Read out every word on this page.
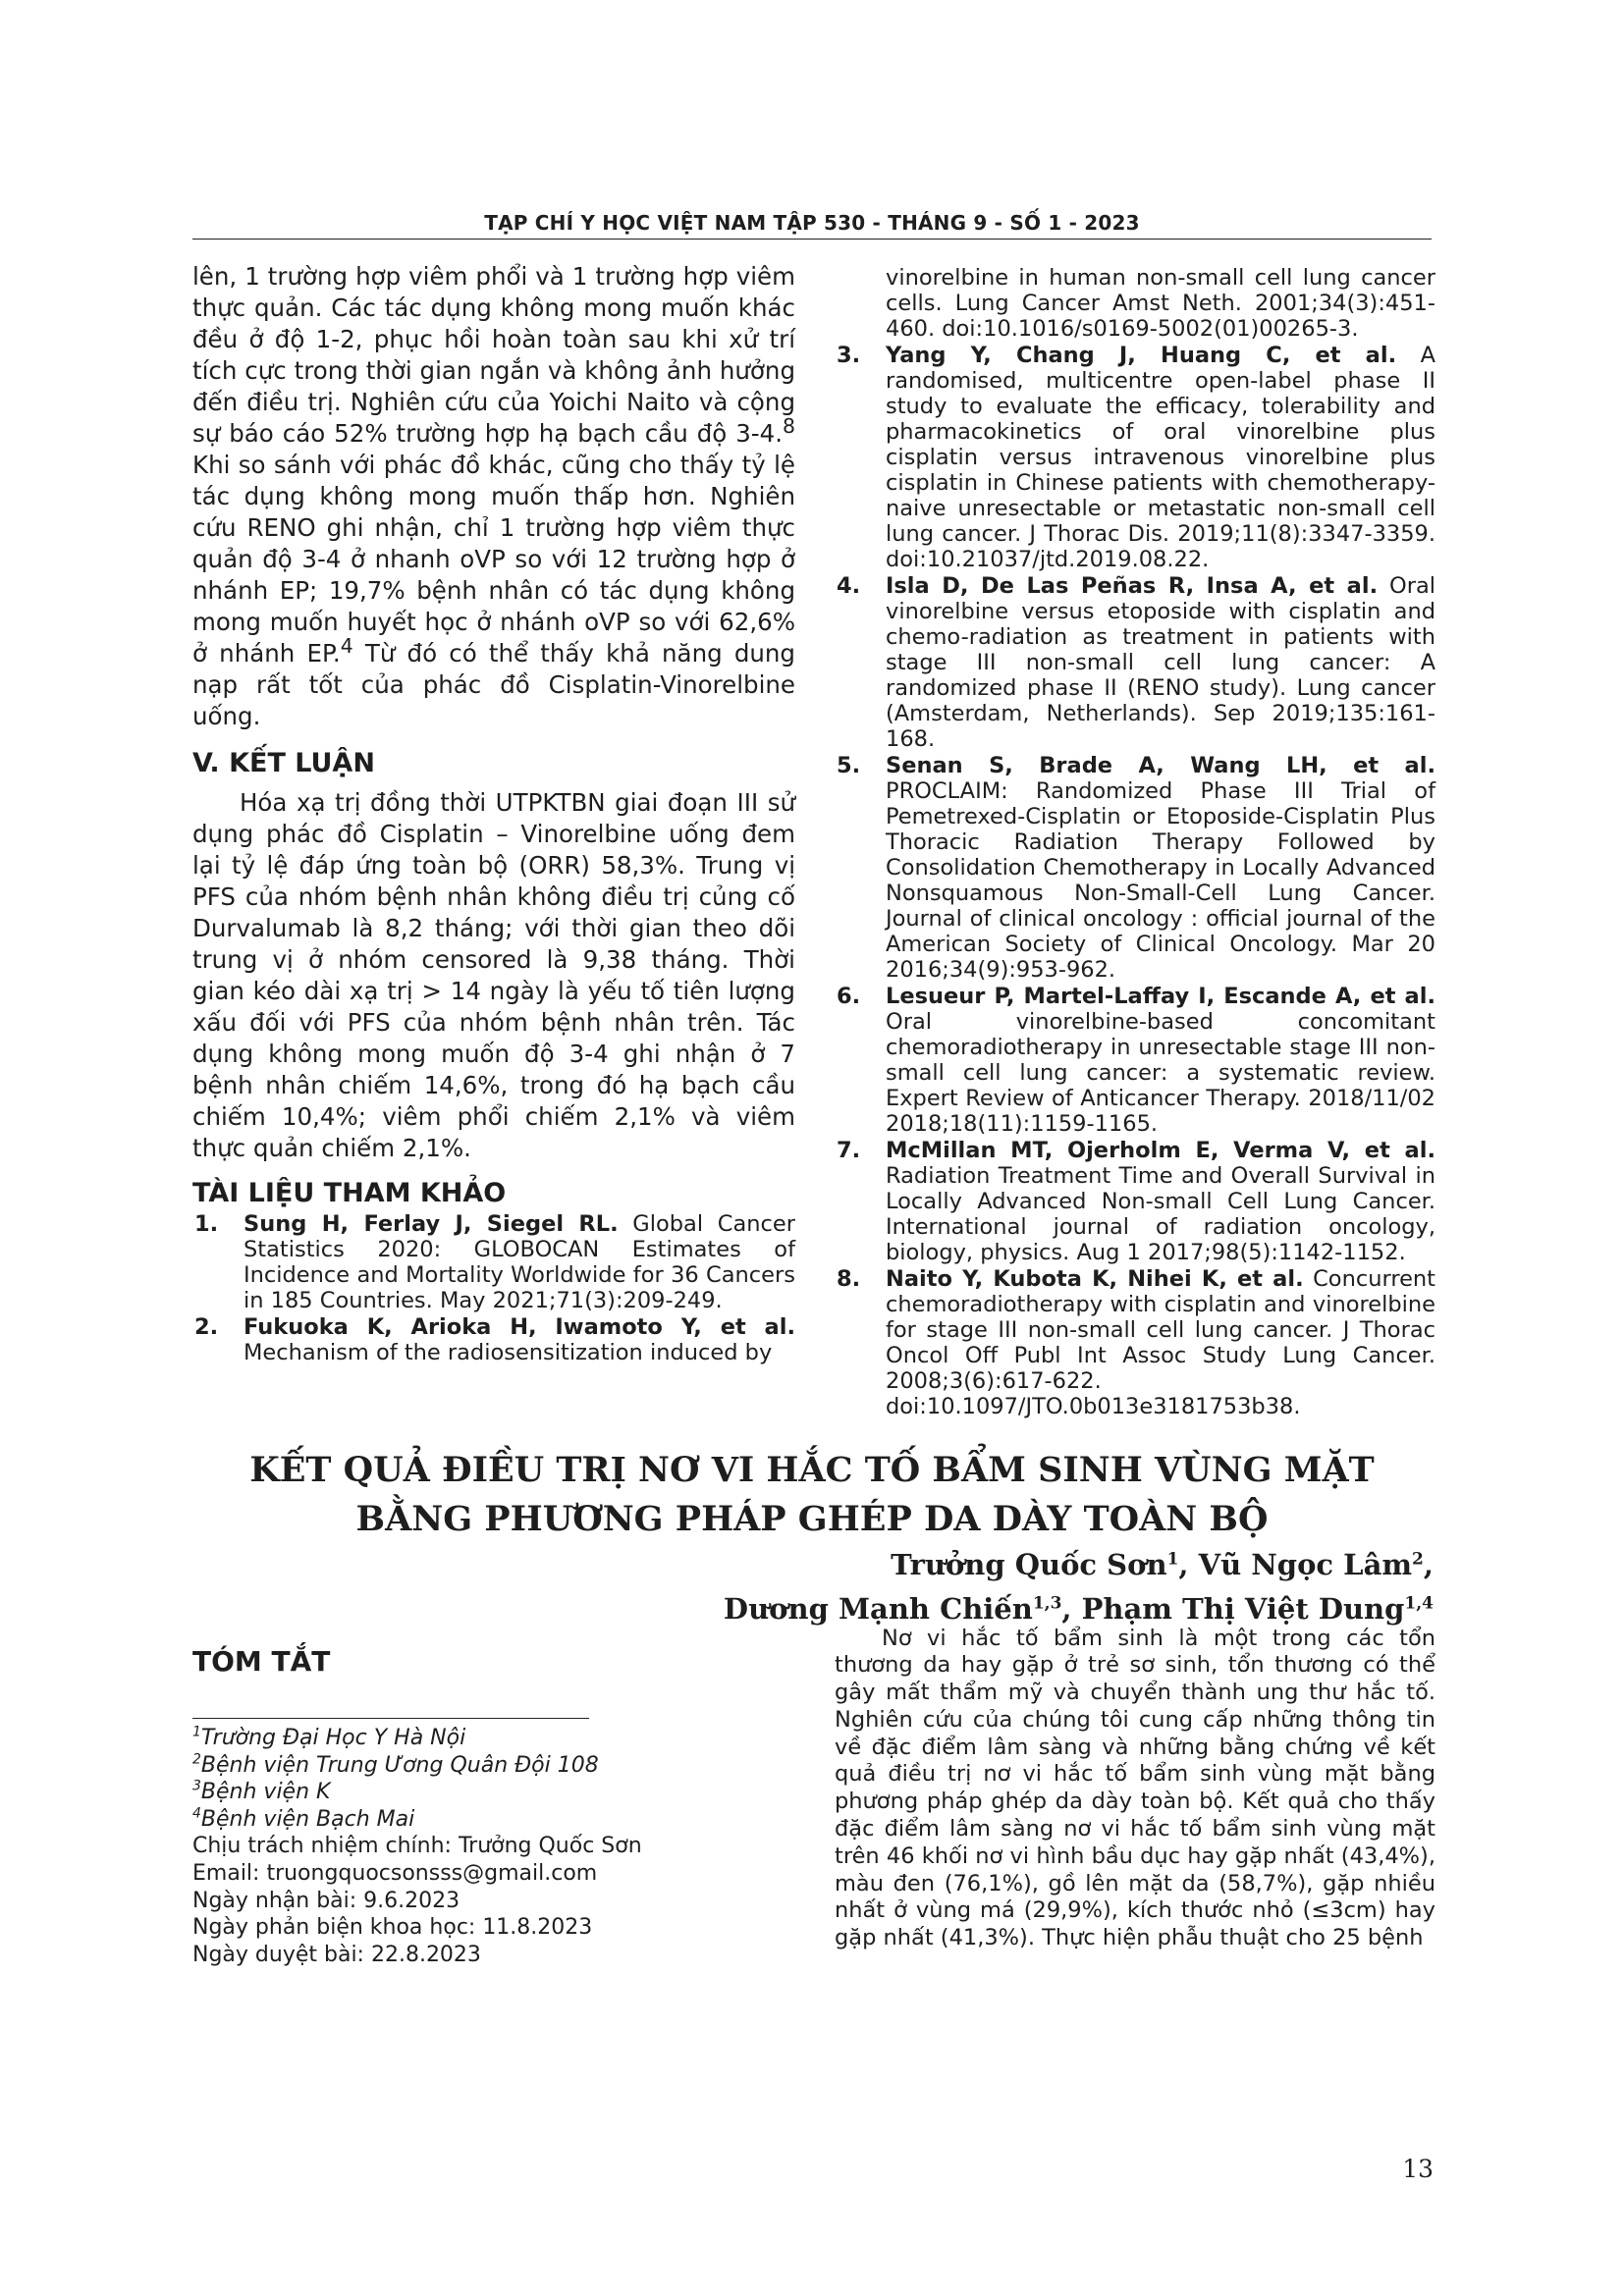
TẠP CHÍ Y HỌC VIỆT NAM TẬP 530 - THÁNG 9 - SỐ 1 - 2023

lên, 1 trường hợp viêm phổi và 1 trường hợp viêm thực quản. Các tác dụng không mong muốn khác đều ở độ 1-2, phục hồi hoàn toàn sau khi xử trí tích cực trong thời gian ngắn và không ảnh hưởng đến điều trị. Nghiên cứu của Yoichi Naito và cộng sự báo cáo 52% trường hợp hạ bạch cầu độ 3-4.$^8$ Khi so sánh với phác đồ khác, cũng cho thấy tỷ lệ tác dụng không mong muốn thấp hơn. Nghiên cứu RENO ghi nhận, chỉ 1 trường hợp viêm thực quản độ 3-4 ở nhanh oVP so với 12 trường hợp ở nhánh EP; 19,7% bệnh nhân có tác dụng không mong muốn huyết học ở nhánh oVP so với 62,6% ở nhánh EP.$^4$ Từ đó có thể thấy khả năng dung nạp rất tốt của phác đồ Cisplatin-Vinorelbine uống.

V. KẾT LUẬN

Hóa xạ trị đồng thời UTPKTBN giai đoạn III sử dụng phác đồ Cisplatin – Vinorelbine uống đem lại tỷ lệ đáp ứng toàn bộ (ORR) 58,3%. Trung vị PFS của nhóm bệnh nhân không điều trị củng cố Durvalumab là 8,2 tháng; với thời gian theo dõi trung vị ở nhóm censored là 9,38 tháng. Thời gian kéo dài xạ trị > 14 ngày là yếu tố tiên lượng xấu đối với PFS của nhóm bệnh nhân trên. Tác dụng không mong muốn độ 3-4 ghi nhận ở 7 bệnh nhân chiếm 14,6%, trong đó hạ bạch cầu chiếm 10,4%; viêm phổi chiếm 2,1% và viêm thực quản chiếm 2,1%.

TÀI LIỆU THAM KHẢO
1. Sung H, Ferlay J, Siegel RL. Global Cancer Statistics 2020: GLOBOCAN Estimates of Incidence and Mortality Worldwide for 36 Cancers in 185 Countries. May 2021;71(3):209-249.
2. Fukuoka K, Arioka H, Iwamoto Y, et al. Mechanism of the radiosensitization induced by
vinorelbine in human non-small cell lung cancer cells. Lung Cancer Amst Neth. 2001;34(3):451-460. doi:10.1016/s0169-5002(01)00265-3.
3. Yang Y, Chang J, Huang C, et al. A randomised, multicentre open-label phase II study to evaluate the efficacy, tolerability and pharmacokinetics of oral vinorelbine plus cisplatin versus intravenous vinorelbine plus cisplatin in Chinese patients with chemotherapy-naive unresectable or metastatic non-small cell lung cancer. J Thorac Dis. 2019;11(8):3347-3359. doi:10.21037/jtd.2019.08.22.
4. Isla D, De Las Peñas R, Insa A, et al. Oral vinorelbine versus etoposide with cisplatin and chemo-radiation as treatment in patients with stage III non-small cell lung cancer: A randomized phase II (RENO study). Lung cancer (Amsterdam, Netherlands). Sep 2019;135:161-168.
5. Senan S, Brade A, Wang LH, et al. PROCLAIM: Randomized Phase III Trial of Pemetrexed-Cisplatin or Etoposide-Cisplatin Plus Thoracic Radiation Therapy Followed by Consolidation Chemotherapy in Locally Advanced Nonsquamous Non-Small-Cell Lung Cancer. Journal of clinical oncology : official journal of the American Society of Clinical Oncology. Mar 20 2016;34(9):953-962.
6. Lesueur P, Martel-Laffay I, Escande A, et al. Oral vinorelbine-based concomitant chemoradiotherapy in unresectable stage III non-small cell lung cancer: a systematic review. Expert Review of Anticancer Therapy. 2018/11/02 2018;18(11):1159-1165.
7. McMillan MT, Ojerholm E, Verma V, et al. Radiation Treatment Time and Overall Survival in Locally Advanced Non-small Cell Lung Cancer. International journal of radiation oncology, biology, physics. Aug 1 2017;98(5):1142-1152.
8. Naito Y, Kubota K, Nihei K, et al. Concurrent chemoradiotherapy with cisplatin and vinorelbine for stage III non-small cell lung cancer. J Thorac Oncol Off Publ Int Assoc Study Lung Cancer. 2008;3(6):617-622. doi:10.1097/JTO.0b013e3181753b38.
KẾT QUẢ ĐIỀU TRỊ NƠ VI HẮC TỐ BẨM SINH VÙNG MẶT
BẰNG PHƯƠNG PHÁP GHÉP DA DÀY TOÀN BỘ
Trưởng Quốc Sơn$^1$, Vũ Ngọc Lâm$^2$,
Dương Mạnh Chiến$^{1,3}$, Phạm Thị Việt Dung$^{1,4}$
TÓM TẮT
$^1$Trường Đại Học Y Hà Nội
$^2$Bệnh viện Trung Ương Quân Đội 108
$^3$Bệnh viện K
$^4$Bệnh viện Bạch Mai
Chịu trách nhiệm chính: Trưởng Quốc Sơn
Email: truongquocsonsss@gmail.com
Ngày nhận bài: 9.6.2023
Ngày phản biện khoa học: 11.8.2023
Ngày duyệt bài: 22.8.2023

Nơ vi hắc tố bẩm sinh là một trong các tổn thương da hay gặp ở trẻ sơ sinh, tổn thương có thể gây mất thẩm mỹ và chuyển thành ung thư hắc tố. Nghiên cứu của chúng tôi cung cấp những thông tin về đặc điểm lâm sàng và những bằng chứng về kết quả điều trị nơ vi hắc tố bẩm sinh vùng mặt bằng phương pháp ghép da dày toàn bộ. Kết quả cho thấy đặc điểm lâm sàng nơ vi hắc tố bẩm sinh vùng mặt trên 46 khối nơ vi hình bầu dục hay gặp nhất (43,4%), màu đen (76,1%), gồ lên mặt da (58,7%), gặp nhiều nhất ở vùng má (29,9%), kích thước nhỏ (≤3cm) hay gặp nhất (41,3%). Thực hiện phẫu thuật cho 25 bệnh

13
